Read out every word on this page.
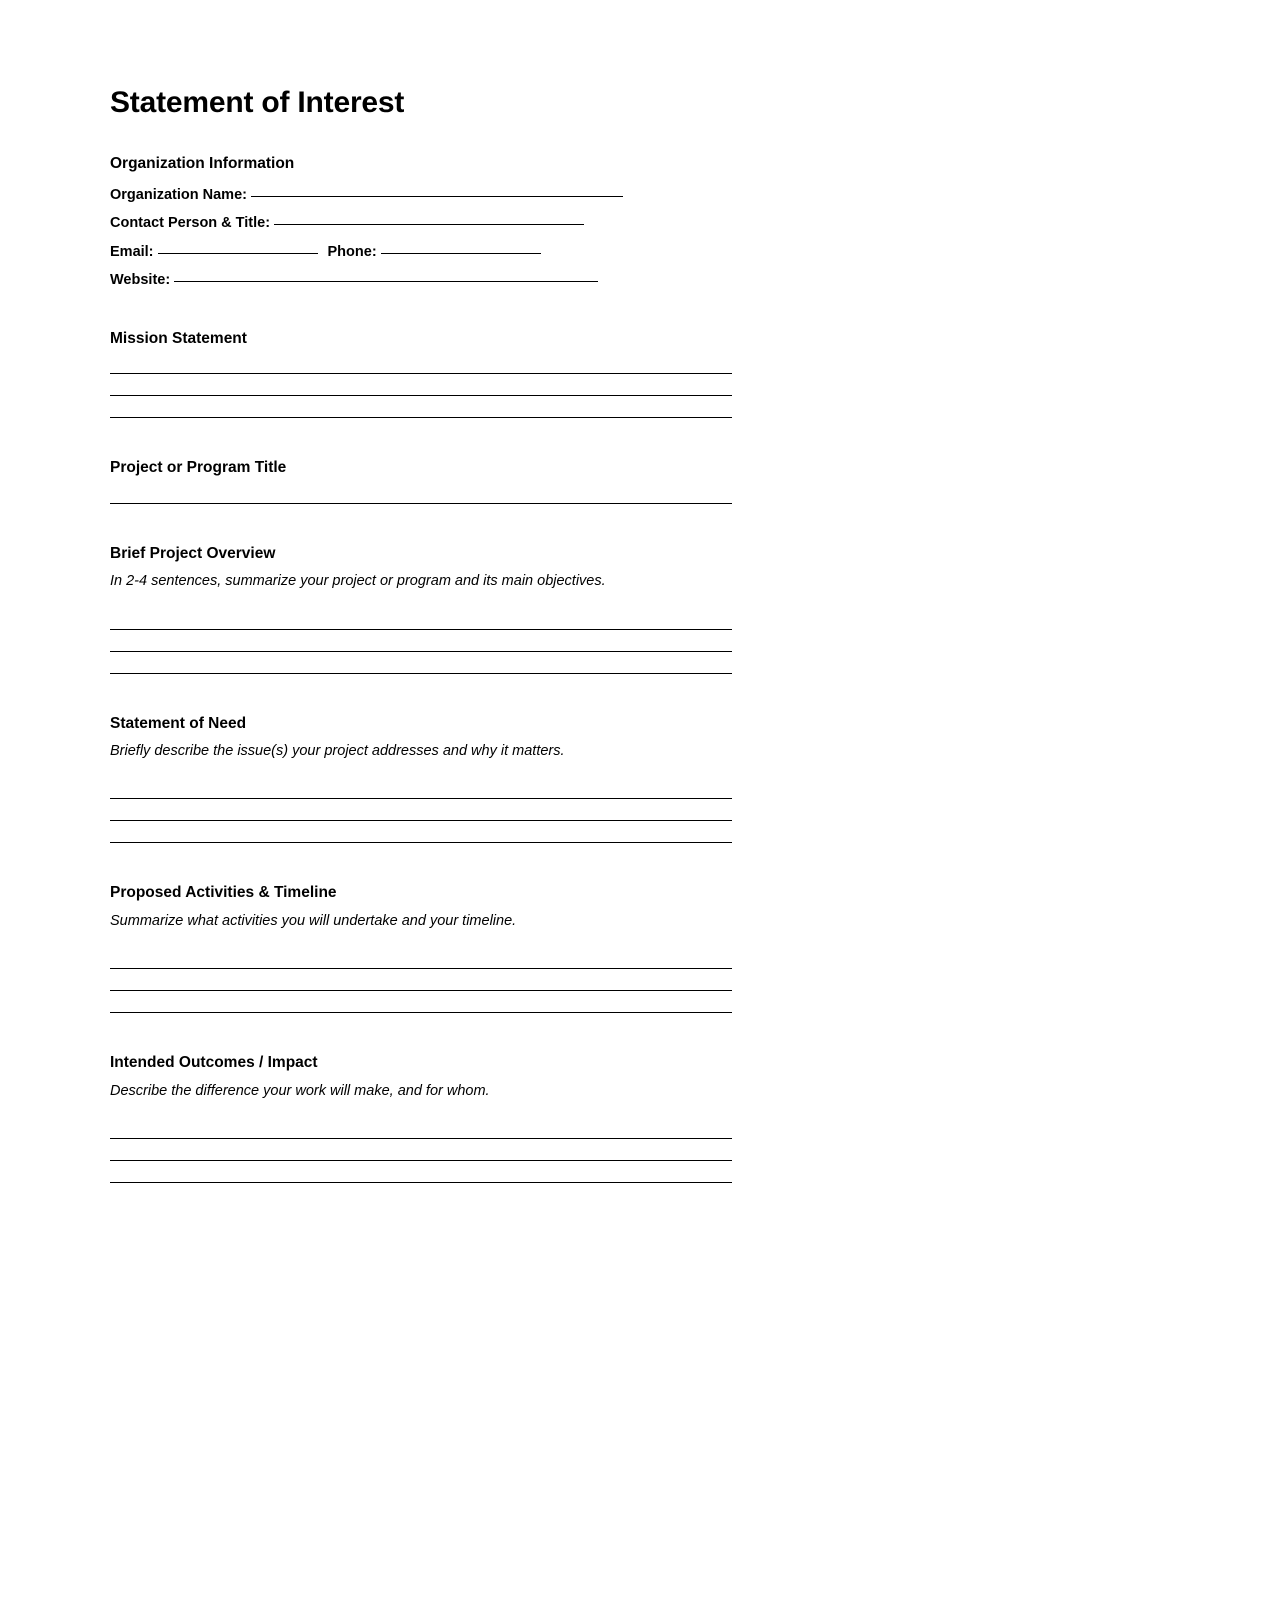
Statement of Interest
Organization Information
Organization Name:
Contact Person & Title:
Email:	Phone:
Website:
Mission Statement
Project or Program Title
Brief Project Overview
In 2-4 sentences, summarize your project or program and its main objectives.
Statement of Need
Briefly describe the issue(s) your project addresses and why it matters.
Proposed Activities & Timeline
Summarize what activities you will undertake and your timeline.
Intended Outcomes / Impact
Describe the difference your work will make, and for whom.
